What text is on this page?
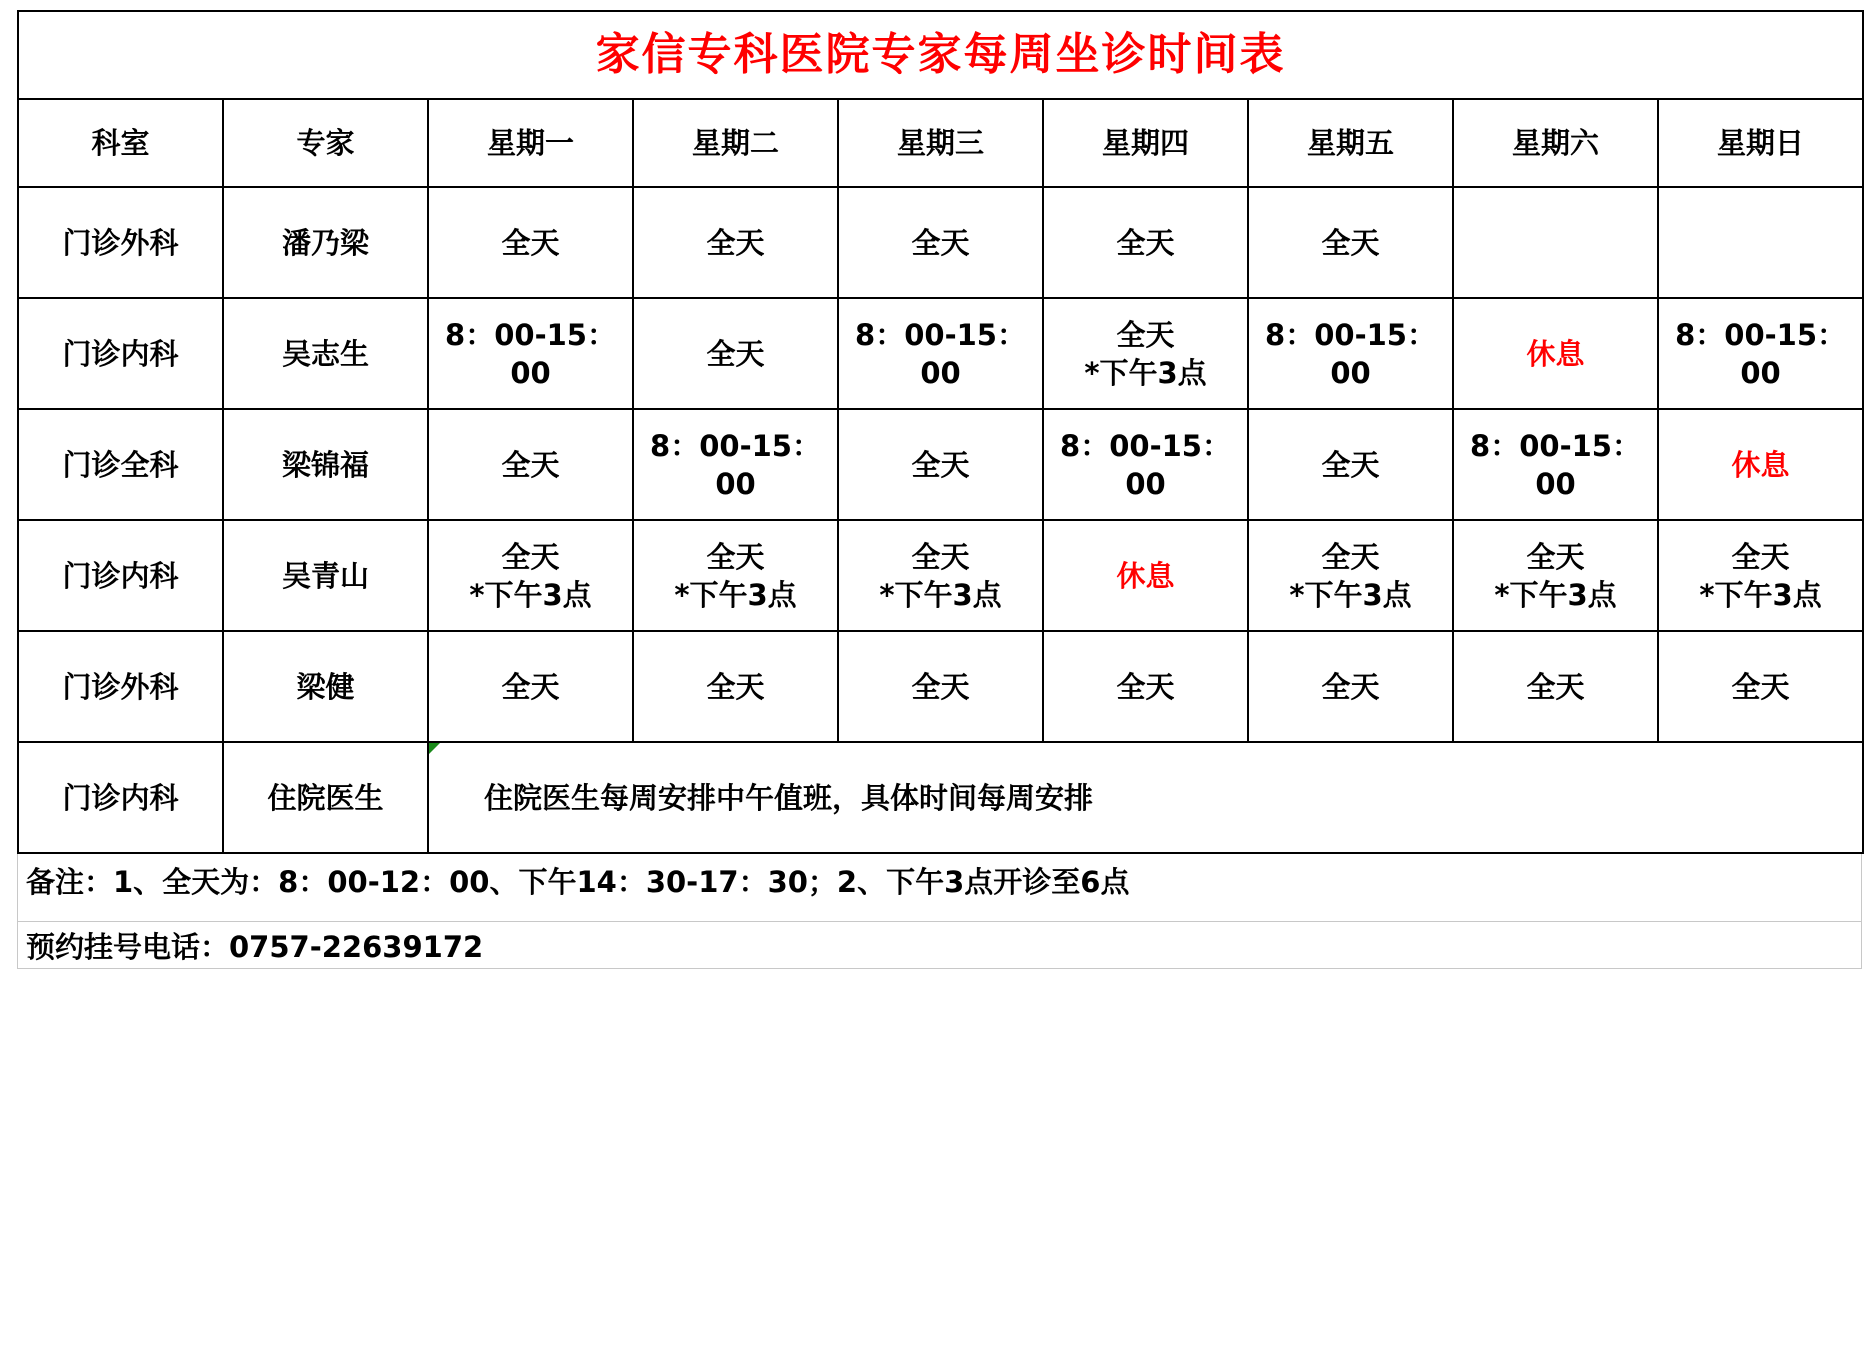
家信专科医院专家每周坐诊时间表								
科室	专家	星期一	星期二	星期三	星期四	星期五	星期六	星期日
门诊外科	潘乃梁	全天	全天	全天	全天	全天		

门诊内科	吴志生	8：00-15：
00	全天	8：00-15：
00	全天
*下午3点	8：00-15：
00	休息	8：00-15：
00

门诊全科	梁锦福	全天	8：00-15：
00	全天	8：00-15：
00	全天	8：00-15：
00	休息

门诊内科	吴青山	全天
*下午3点	全天
*下午3点	全天
*下午3点	休息	全天
*下午3点	全天
*下午3点	全天
*下午3点

门诊外科	梁健	全天	全天	全天	全天	全天	全天	全天

门诊内科	住院医生	住院医生每周安排中午值班，具体时间每周安排						
备注：1、全天为：8：00-12：00、下午14：30-17：30；2、下午3点开诊至6点
预约挂号电话：0757-22639172
